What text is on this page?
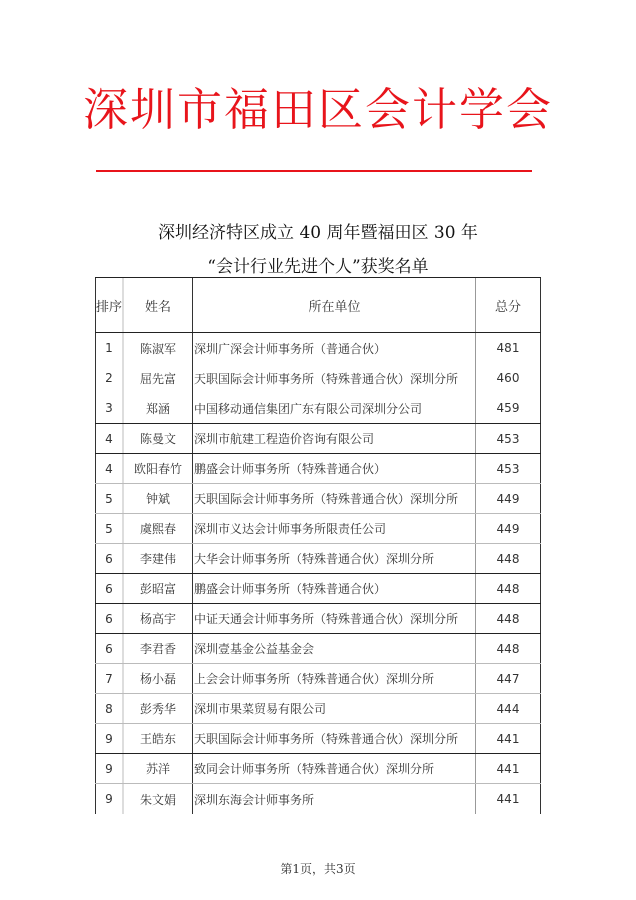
深圳市福田区会计学会
深圳经济特区成立 40 周年暨福田区 30 年
“会计行业先进个人”获奖名单
排序	姓名	所在单位	总分
1	陈淑军	深圳广深会计师事务所（普通合伙）	481
2	屈先富	天职国际会计师事务所（特殊普通合伙）深圳分所	460
3	郑涵	中国移动通信集团广东有限公司深圳分公司	459
4	陈曼文	深圳市航建工程造价咨询有限公司	453
4	欧阳春竹	鹏盛会计师事务所（特殊普通合伙）	453
5	钟斌	天职国际会计师事务所（特殊普通合伙）深圳分所	449
5	虞熙春	深圳市义达会计师事务所限责任公司	449
6	李建伟	大华会计师事务所（特殊普通合伙）深圳分所	448
6	彭昭富	鹏盛会计师事务所（特殊普通合伙）	448
6	杨高宇	中证天通会计师事务所（特殊普通合伙）深圳分所	448
6	李君香	深圳壹基金公益基金会	448
7	杨小磊	上会会计师事务所（特殊普通合伙）深圳分所	447
8	彭秀华	深圳市果菜贸易有限公司	444
9	王皓东	天职国际会计师事务所（特殊普通合伙）深圳分所	441
9	苏洋	致同会计师事务所（特殊普通合伙）深圳分所	441
9	朱文娟	深圳东海会计师事务所	441
第1页，共3页
